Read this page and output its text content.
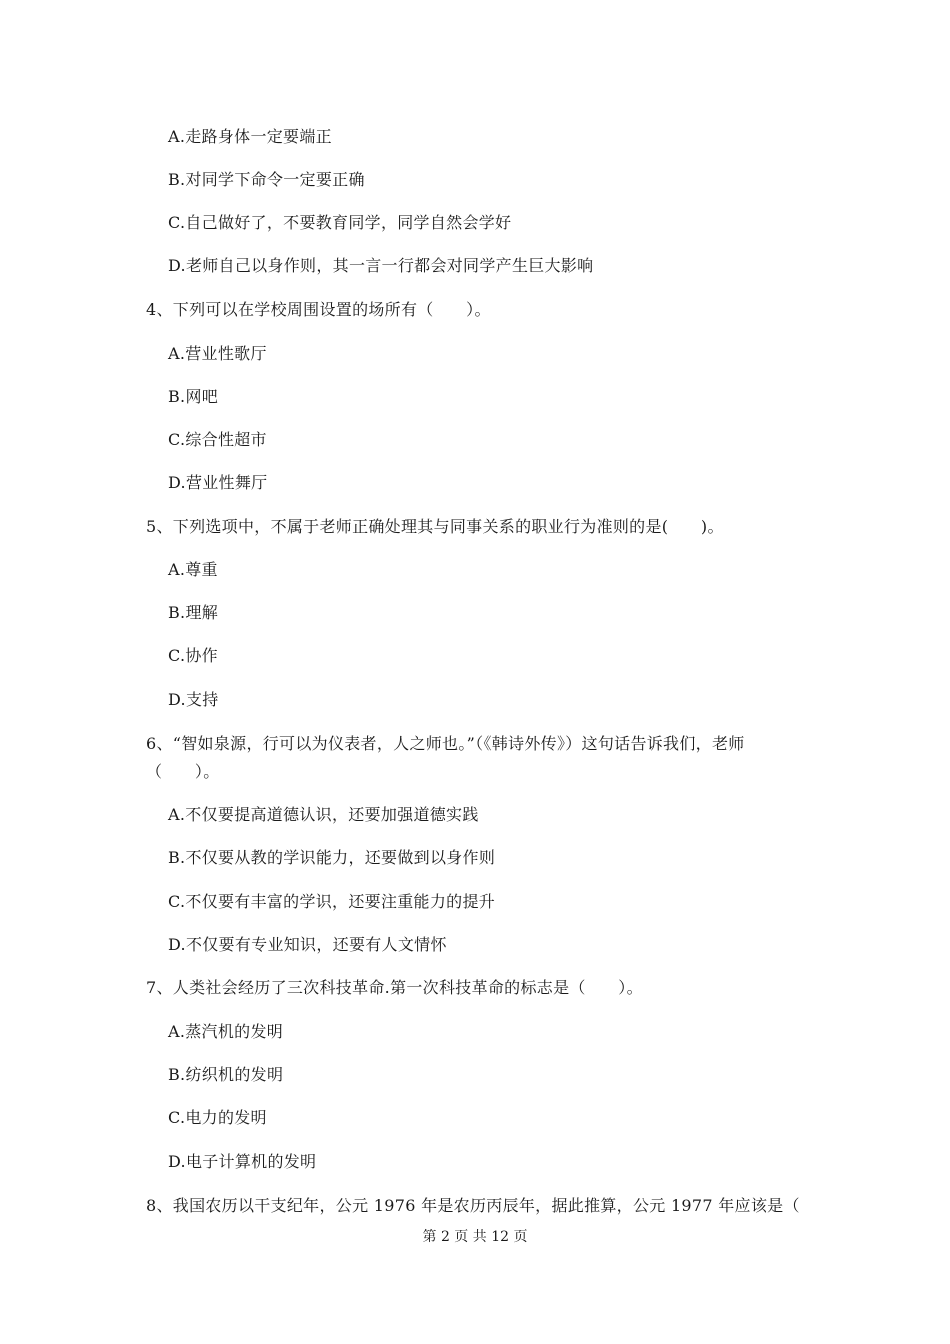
A.走路身体一定要端正
B.对同学下命令一定要正确
C.自己做好了，不要教育同学，同学自然会学好
D.老师自己以身作则，其一言一行都会对同学产生巨大影响
4、下列可以在学校周围设置的场所有（　　）。
A.营业性歌厅
B.网吧
C.综合性超市
D.营业性舞厅
5、下列选项中，不属于老师正确处理其与同事关系的职业行为准则的是(　　)。
A.尊重
B.理解
C.协作
D.支持
6、“智如泉源，行可以为仪表者，人之师也。”（《韩诗外传》）这句话告诉我们，老师
（　　）。
A.不仅要提高道德认识，还要加强道德实践
B.不仅要从教的学识能力，还要做到以身作则
C.不仅要有丰富的学识，还要注重能力的提升
D.不仅要有专业知识，还要有人文情怀
7、人类社会经历了三次科技革命.第一次科技革命的标志是（　　）。
A.蒸汽机的发明
B.纺织机的发明
C.电力的发明
D.电子计算机的发明
8、我国农历以干支纪年，公元 1976 年是农历丙辰年，据此推算，公元 1977 年应该是（
第 2 页 共 12 页
